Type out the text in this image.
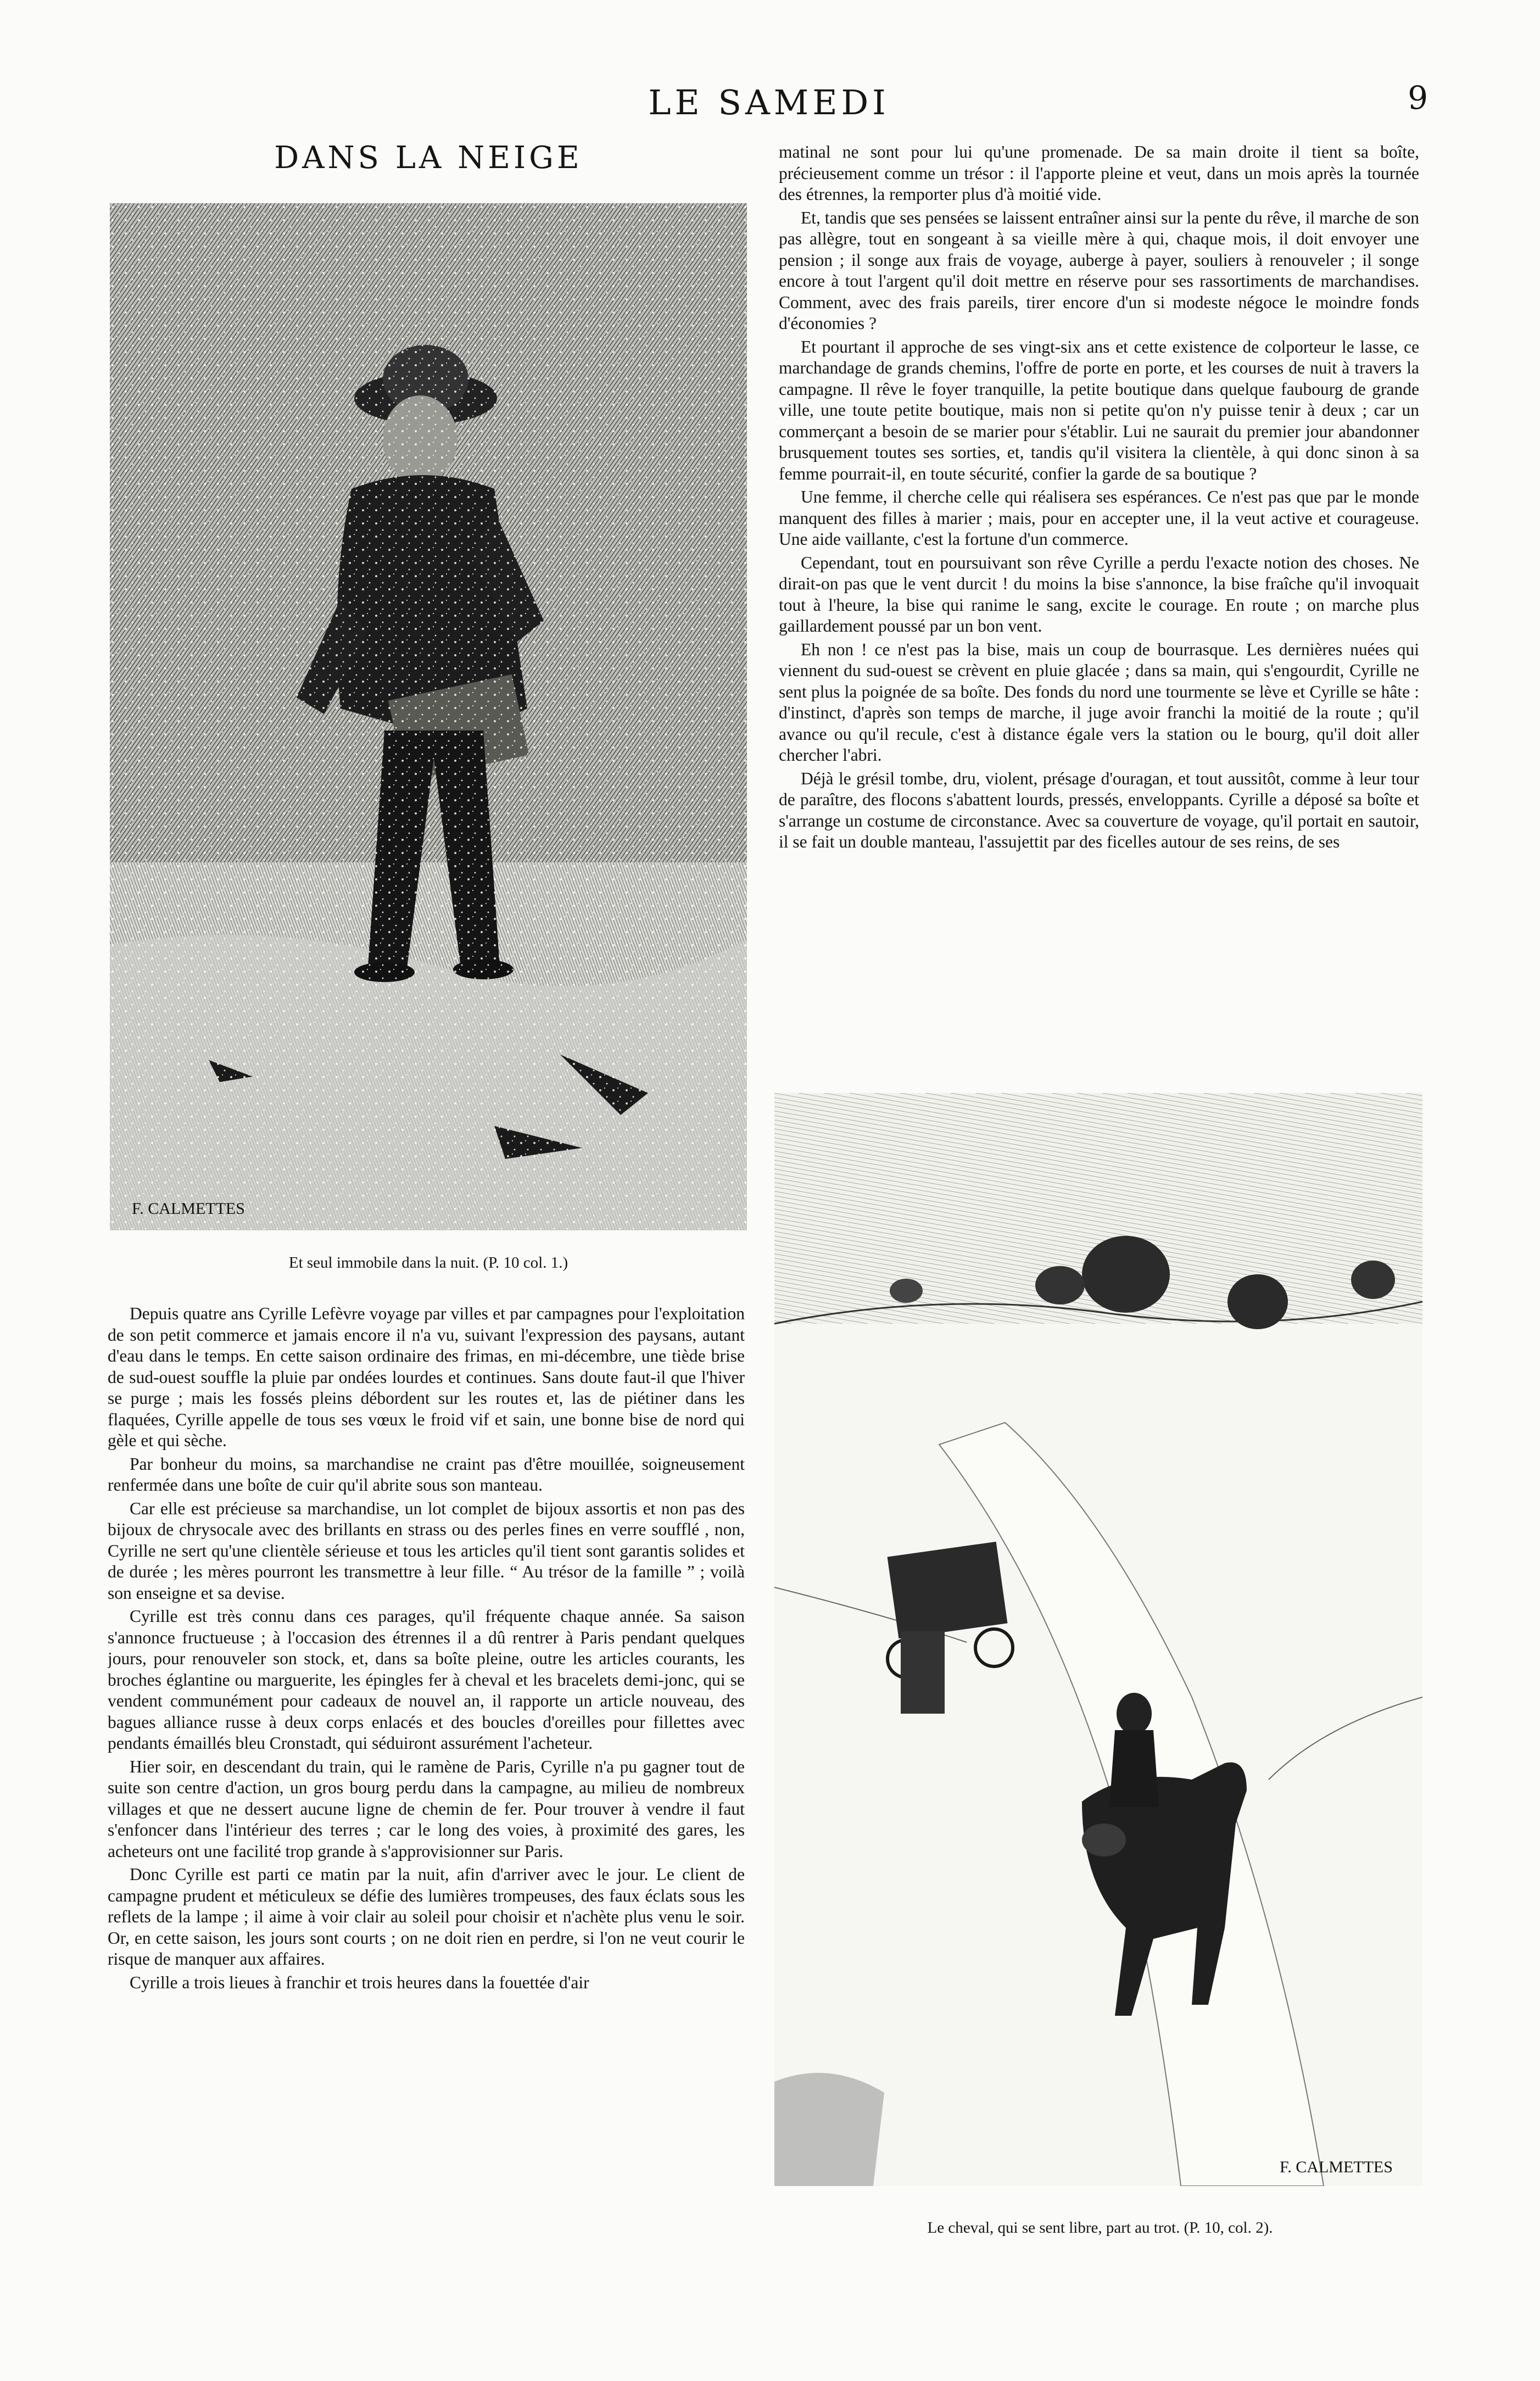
LE SAMEDI	9
DANS LA NEIGE
F. CALMETTES
Et seul immobile dans la nuit. (P. 10 col. 1.)
F. CALMETTES
Le cheval, qui se sent libre, part au trot. (P. 10, col. 2).

Depuis quatre ans Cyrille Lefèvre voyage par villes et par campagnes pour l'exploitation de son petit commerce et jamais encore il n'a vu, suivant l'expression des paysans, autant d'eau dans le temps. En cette saison ordinaire des frimas, en mi-décembre, une tiède brise de sud-ouest souffle la pluie par ondées lourdes et continues. Sans doute faut-il que l'hiver se purge ; mais les fossés pleins débordent sur les routes et, las de piétiner dans les flaquées, Cyrille appelle de tous ses vœux le froid vif et sain, une bonne bise de nord qui gèle et qui sèche.

Par bonheur du moins, sa marchandise ne craint pas d'être mouillée, soigneusement renfermée dans une boîte de cuir qu'il abrite sous son manteau.

Car elle est précieuse sa marchandise, un lot complet de bijoux assortis et non pas des bijoux de chrysocale avec des brillants en strass ou des perles fines en verre soufflé , non, Cyrille ne sert qu'une clientèle sérieuse et tous les articles qu'il tient sont garantis solides et de durée ; les mères pourront les transmettre à leur fille. “ Au trésor de la famille ” ; voilà son enseigne et sa devise.

Cyrille est très connu dans ces parages, qu'il fréquente chaque année. Sa saison s'annonce fructueuse ; à l'occasion des étrennes il a dû rentrer à Paris pendant quelques jours, pour renouveler son stock, et, dans sa boîte pleine, outre les articles courants, les broches églantine ou marguerite, les épingles fer à cheval et les bracelets demi-jonc, qui se vendent communément pour cadeaux de nouvel an, il rapporte un article nouveau, des bagues alliance russe à deux corps enlacés et des boucles d'oreilles pour fillettes avec pendants émaillés bleu Cronstadt, qui séduiront assurément l'acheteur.

Hier soir, en descendant du train, qui le ramène de Paris, Cyrille n'a pu gagner tout de suite son centre d'action, un gros bourg perdu dans la campagne, au milieu de nombreux villages et que ne dessert aucune ligne de chemin de fer. Pour trouver à vendre il faut s'enfoncer dans l'intérieur des terres ; car le long des voies, à proximité des gares, les acheteurs ont une facilité trop grande à s'approvisionner sur Paris.

Donc Cyrille est parti ce matin par la nuit, afin d'arriver avec le jour. Le client de campagne prudent et méticuleux se défie des lumières trompeuses, des faux éclats sous les reflets de la lampe ; il aime à voir clair au soleil pour choisir et n'achète plus venu le soir. Or, en cette saison, les jours sont courts ; on ne doit rien en perdre, si l'on ne veut courir le risque de manquer aux affaires.

Cyrille a trois lieues à franchir et trois heures dans la fouettée d'air

matinal ne sont pour lui qu'une promenade. De sa main droite il tient sa boîte, précieusement comme un trésor : il l'apporte pleine et veut, dans un mois après la tournée des étrennes, la remporter plus d'à moitié vide.

Et, tandis que ses pensées se laissent entraîner ainsi sur la pente du rêve, il marche de son pas allègre, tout en songeant à sa vieille mère à qui, chaque mois, il doit envoyer une pension ; il songe aux frais de voyage, auberge à payer, souliers à renouveler ; il songe encore à tout l'argent qu'il doit mettre en réserve pour ses rassortiments de marchandises. Comment, avec des frais pareils, tirer encore d'un si modeste négoce le moindre fonds d'économies ?

Et pourtant il approche de ses vingt-six ans et cette existence de colporteur le lasse, ce marchandage de grands chemins, l'offre de porte en porte, et les courses de nuit à travers la campagne. Il rêve le foyer tranquille, la petite boutique dans quelque faubourg de grande ville, une toute petite boutique, mais non si petite qu'on n'y puisse tenir à deux ; car un commerçant a besoin de se marier pour s'établir. Lui ne saurait du premier jour abandonner brusquement toutes ses sorties, et, tandis qu'il visitera la clientèle, à qui donc sinon à sa femme pourrait-il, en toute sécurité, confier la garde de sa boutique ?

Une femme, il cherche celle qui réalisera ses espérances. Ce n'est pas que par le monde manquent des filles à marier ; mais, pour en accepter une, il la veut active et courageuse. Une aide vaillante, c'est la fortune d'un commerce.

Cependant, tout en poursuivant son rêve Cyrille a perdu l'exacte notion des choses. Ne dirait-on pas que le vent durcit ! du moins la bise s'annonce, la bise fraîche qu'il invoquait tout à l'heure, la bise qui ranime le sang, excite le courage. En route ; on marche plus gaillardement poussé par un bon vent.

Eh non ! ce n'est pas la bise, mais un coup de bourrasque. Les dernières nuées qui viennent du sud-ouest se crèvent en pluie glacée ; dans sa main, qui s'engourdit, Cyrille ne sent plus la poignée de sa boîte. Des fonds du nord une tourmente se lève et Cyrille se hâte : d'instinct, d'après son temps de marche, il juge avoir franchi la moitié de la route ; qu'il avance ou qu'il recule, c'est à distance égale vers la station ou le bourg, qu'il doit aller chercher l'abri.

Déjà le grésil tombe, dru, violent, présage d'ouragan, et tout aussitôt, comme à leur tour de paraître, des flocons s'abattent lourds, pressés, enveloppants. Cyrille a déposé sa boîte et s'arrange un costume de circonstance. Avec sa couverture de voyage, qu'il portait en sautoir, il se fait un double manteau, l'assujettit par des ficelles autour de ses reins, de ses
